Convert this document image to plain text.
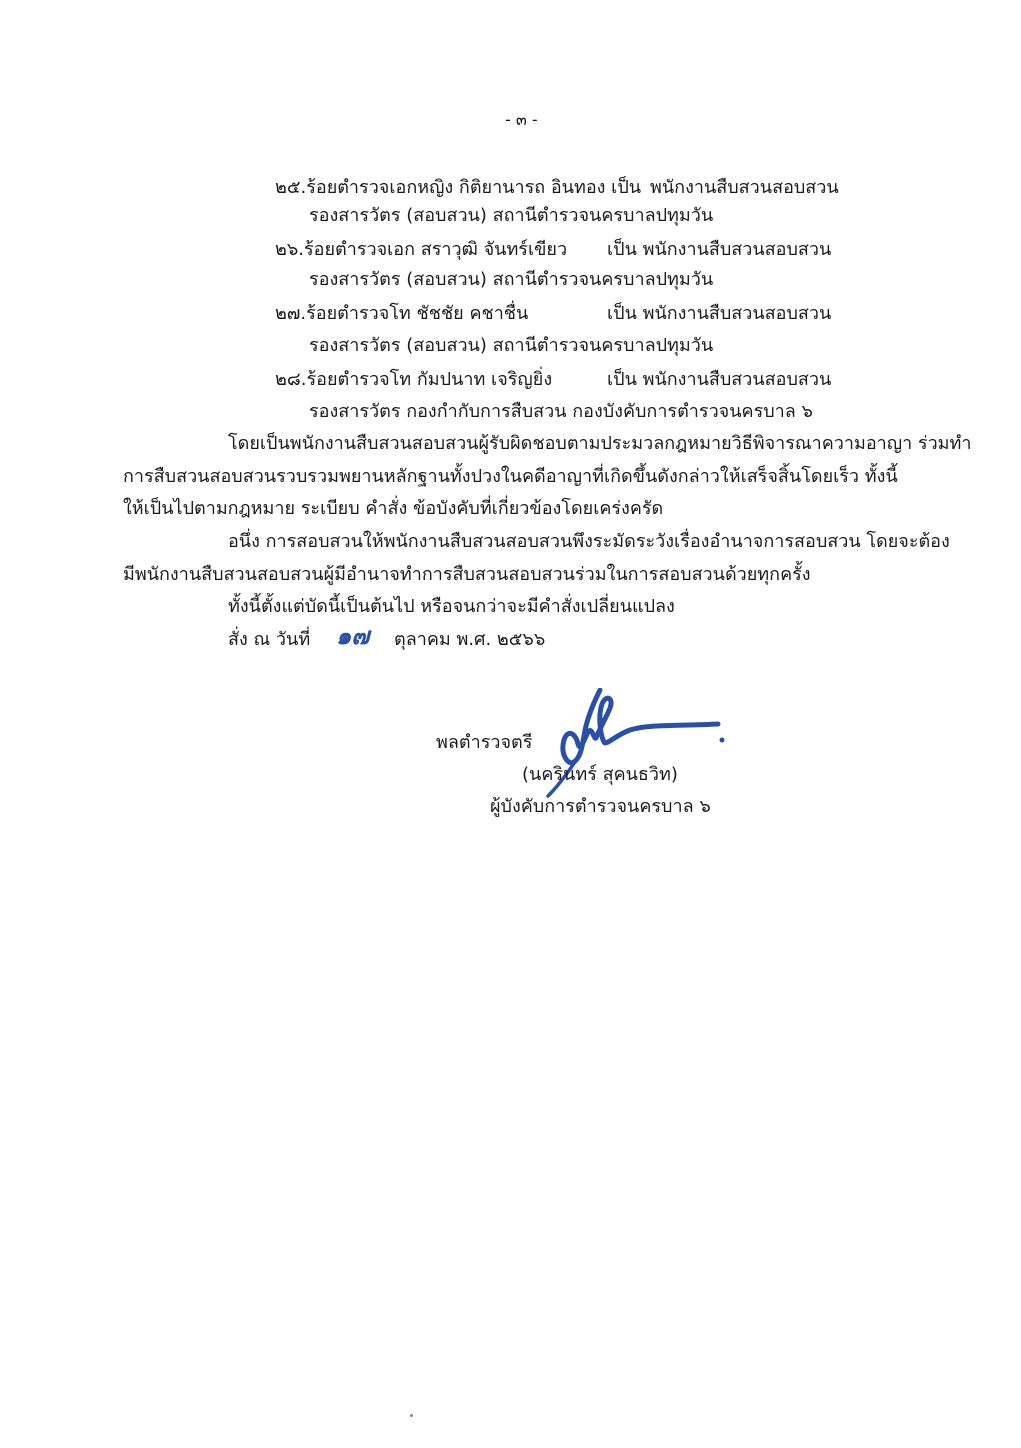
- ๓ -
๒๕.ร้อยตำรวจเอกหญิง กิติยานารถ อินทอง เป็น พนักงานสืบสวนสอบสวน
รองสารวัตร (สอบสวน) สถานีตำรวจนครบาลปทุมวัน
๒๖.ร้อยตำรวจเอก สราวุฒิ จันทร์เขียว เป็น พนักงานสืบสวนสอบสวน
รองสารวัตร (สอบสวน) สถานีตำรวจนครบาลปทุมวัน
๒๗.ร้อยตำรวจโท ชัชชัย คชาชื่น	เป็น พนักงานสืบสวนสอบสวน
รองสารวัตร (สอบสวน) สถานีตำรวจนครบาลปทุมวัน
๒๘.ร้อยตำรวจโท กัมปนาท เจริญยิ่ง	เป็น พนักงานสืบสวนสอบสวน
รองสารวัตร กองกำกับการสืบสวน กองบังคับการตำรวจนครบาล ๖
โดยเป็นพนักงานสืบสวนสอบสวนผู้รับผิดชอบตามประมวลกฎหมายวิธีพิจารณาความอาญา ร่วมทำ
การสืบสวนสอบสวนรวบรวมพยานหลักฐานทั้งปวงในคดีอาญาที่เกิดขึ้นดังกล่าวให้เสร็จสิ้นโดยเร็ว ทั้งนี้
ให้เป็นไปตามกฎหมาย ระเบียบ คำสั่ง ข้อบังคับที่เกี่ยวข้องโดยเคร่งครัด
อนึ่ง การสอบสวนให้พนักงานสืบสวนสอบสวนพึงระมัดระวังเรื่องอำนาจการสอบสวน โดยจะต้อง
มีพนักงานสืบสวนสอบสวนผู้มีอำนาจทำการสืบสวนสอบสวนร่วมในการสอบสวนด้วยทุกครั้ง
ทั้งนี้ตั้งแต่บัดนี้เป็นต้นไป หรือจนกว่าจะมีคำสั่งเปลี่ยนแปลง
สั่ง ณ วันที่ ๑๗ ตุลาคม พ.ศ. ๒๕๖๖
พลตำรวจตรี
(นครินทร์ สุคนธวิท)
ผู้บังคับการตำรวจนครบาล ๖
